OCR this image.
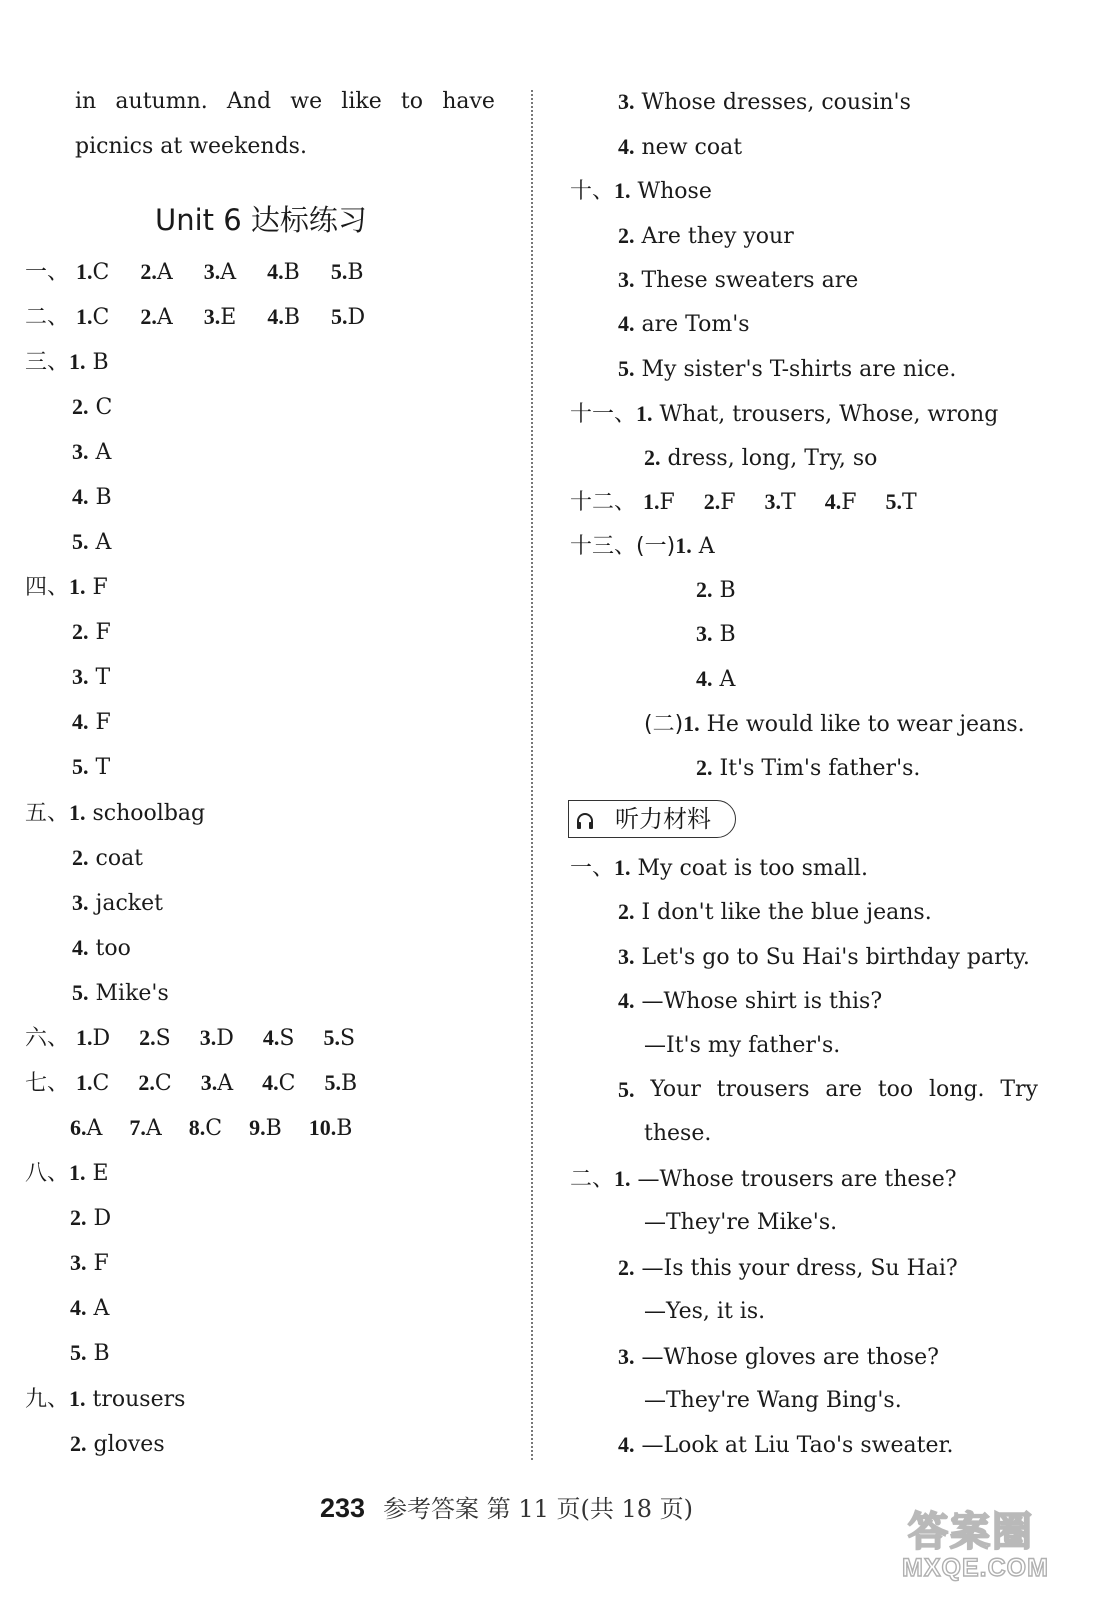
in autumn. And we like to have
picnics at weekends.
Unit 6 达标练习
一、 1.C 2.A 3.A 4.B 5.B
二、 1.C 2.A 3.E 4.B 5.D
三、1. B
2. C
3. A
4. B
5. A
四、1. F
2. F
3. T
4. F
5. T
五、1. schoolbag
2. coat
3. jacket
4. too
5. Mike's
六、 1.D 2.S 3.D 4.S 5.S
七、 1.C 2.C 3.A 4.C 5.B
6.A 7.A 8.C 9.B 10.B
八、1. E
2. D
3. F
4. A
5. B
九、1. trousers
2. gloves
3. Whose dresses, cousin's
4. new coat
十、1. Whose
2. Are they your
3. These sweaters are
4. are Tom's
5. My sister's T-shirts are nice.
十一、1. What, trousers, Whose, wrong
2. dress, long, Try, so
十二、 1.F 2.F 3.T 4.F 5.T
十三、(一)1. A
2. B
3. B
4. A
(二)1. He would like to wear jeans.
2. It's Tim's father's.
听力材料
一、1. My coat is too small.
2. I don't like the blue jeans.
3. Let's go to Su Hai's birthday party.
4. —Whose shirt is this?
—It's my father's.
5. Your trousers are too long. Try
these.
二、1. —Whose trousers are these?
—They're Mike's.
2. —Is this your dress, Su Hai?
—Yes, it is.
3. —Whose gloves are those?
—They're Wang Bing's.
4. —Look at Liu Tao's sweater.
233 参考答案 第 11 页(共 18 页)	答案圈
MXQE.COM
